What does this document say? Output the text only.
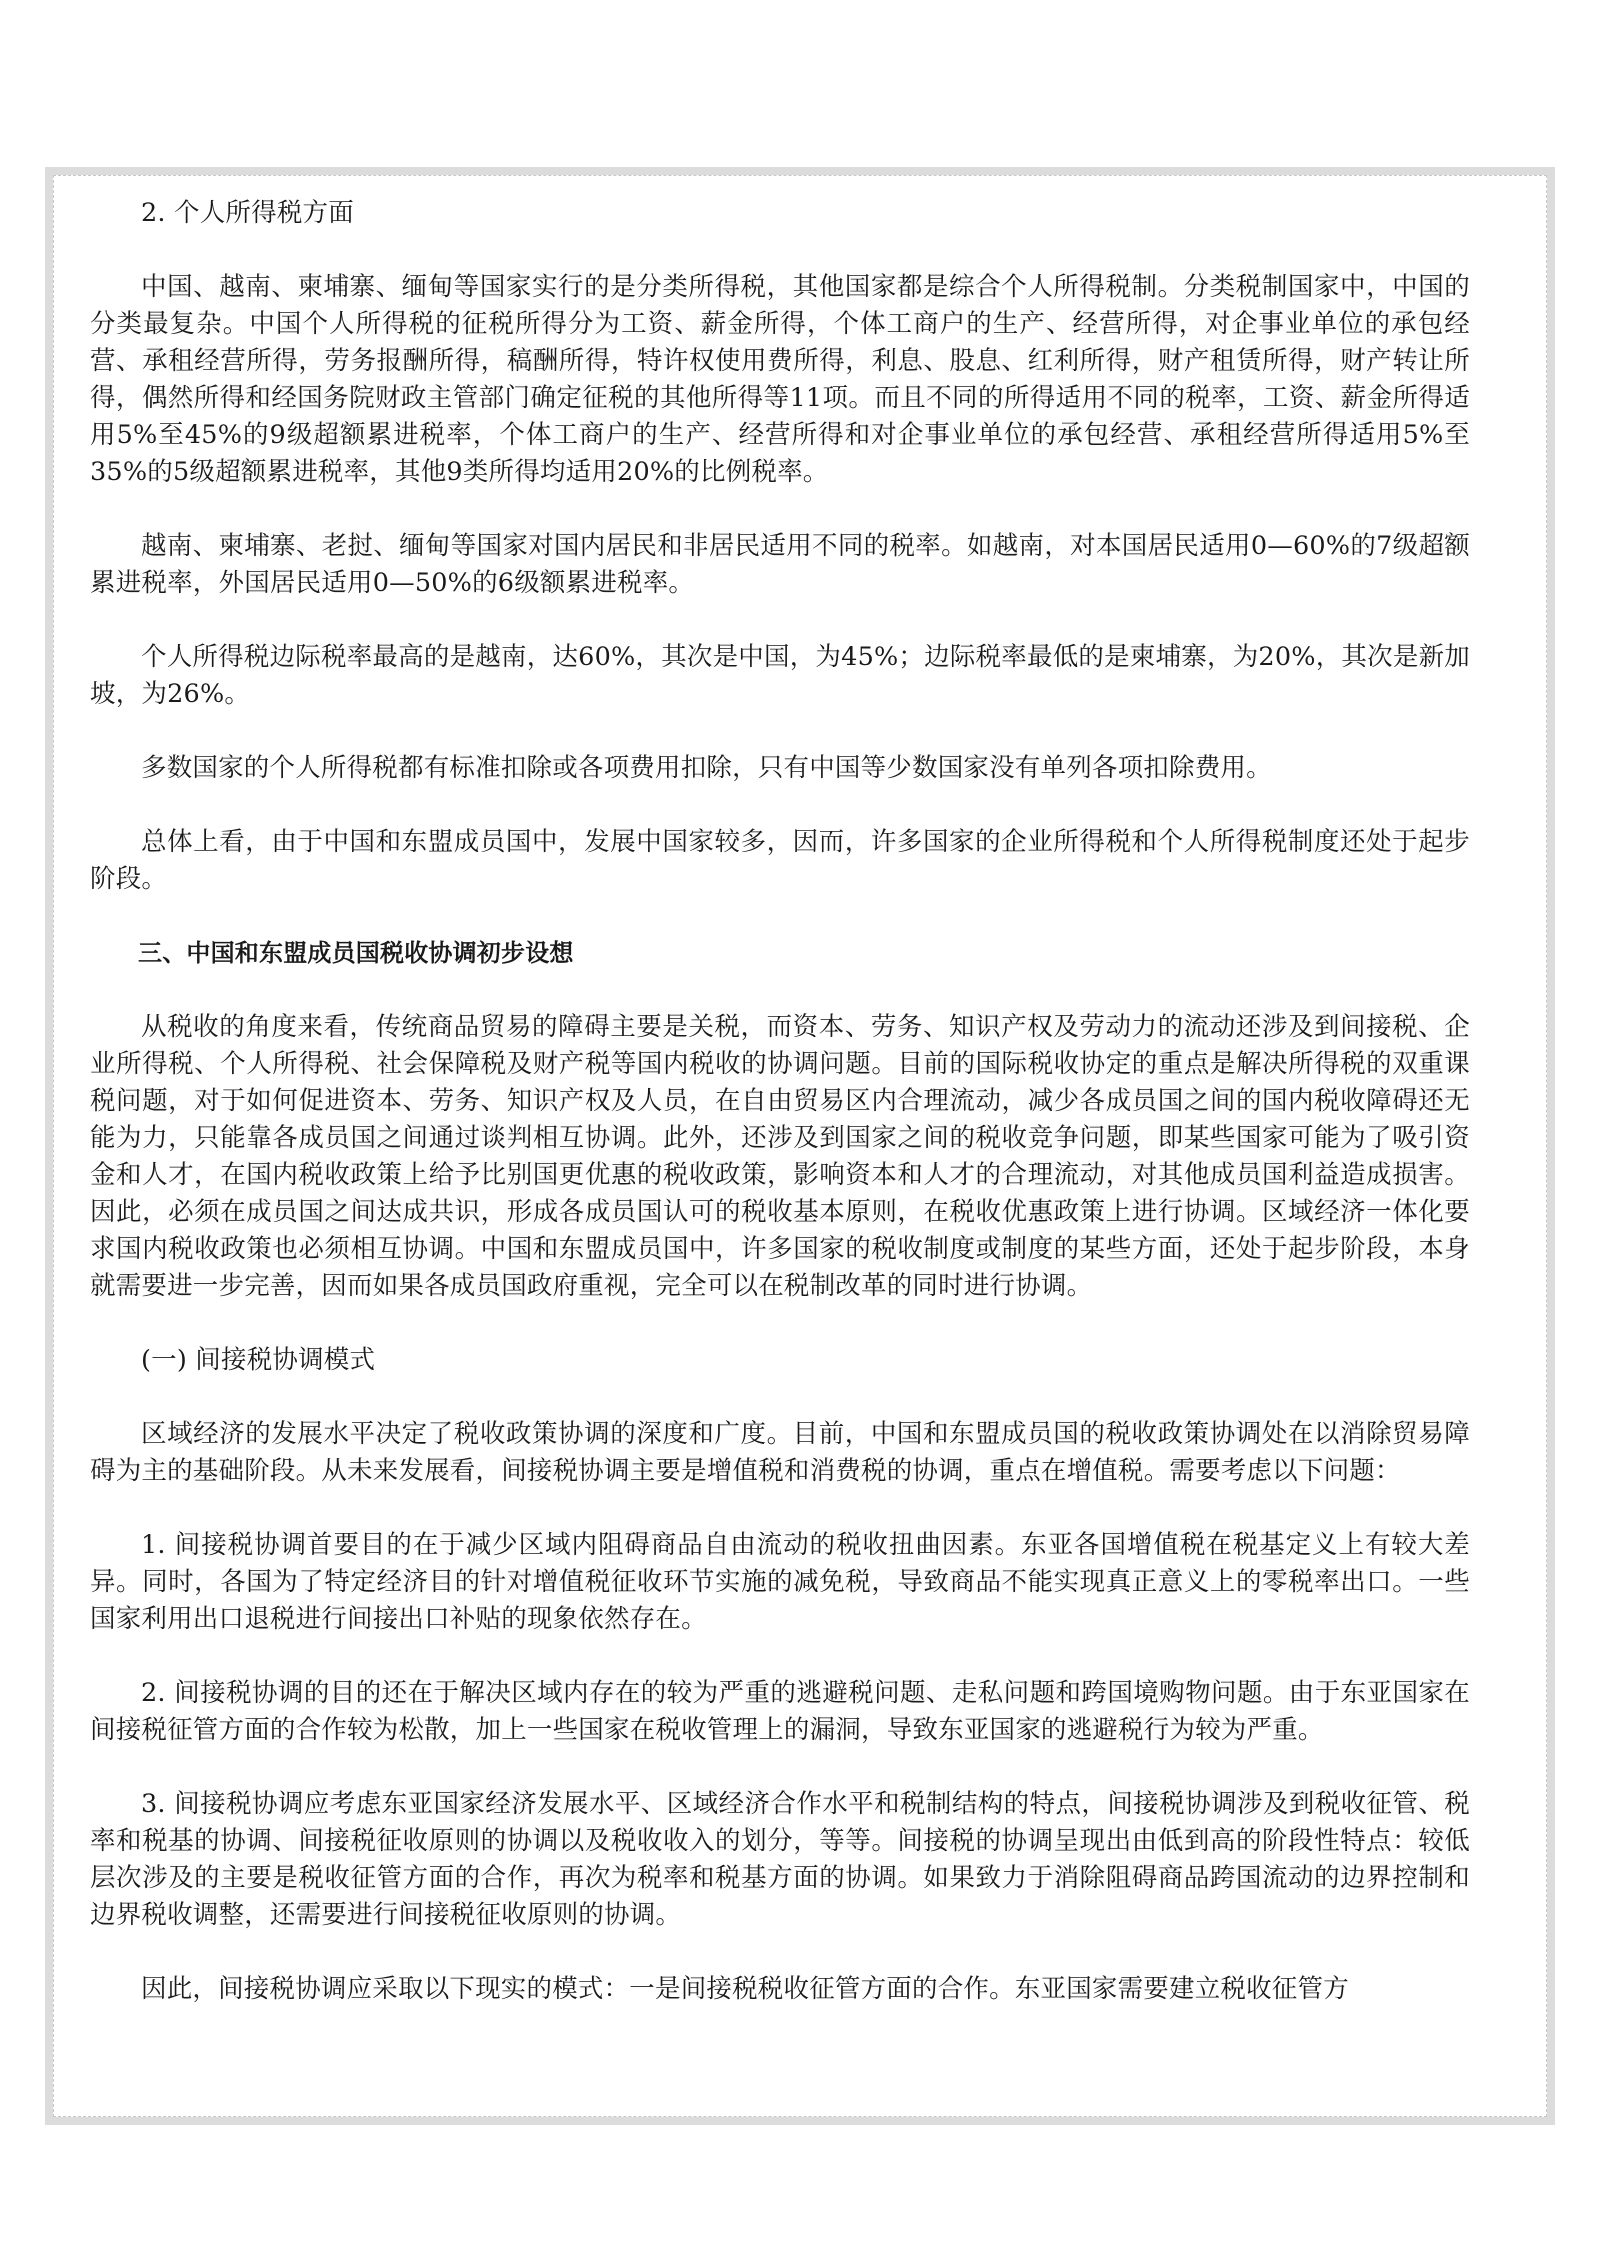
2. 个人所得税方面

中国、越南、柬埔寨、缅甸等国家实行的是分类所得税，其他国家都是综合个人所得税制。分类税制国家中，中国的分类最复杂。中国个人所得税的征税所得分为工资、薪金所得，个体工商户的生产、经营所得，对企事业单位的承包经营、承租经营所得，劳务报酬所得，稿酬所得，特许权使用费所得，利息、股息、红利所得，财产租赁所得，财产转让所得，偶然所得和经国务院财政主管部门确定征税的其他所得等11项。而且不同的所得适用不同的税率，工资、薪金所得适用5%至45%的9级超额累进税率，个体工商户的生产、经营所得和对企事业单位的承包经营、承租经营所得适用5%至35%的5级超额累进税率，其他9类所得均适用20%的比例税率。

越南、柬埔寨、老挝、缅甸等国家对国内居民和非居民适用不同的税率。如越南，对本国居民适用0—60%的7级超额累进税率，外国居民适用0—50%的6级额累进税率。

个人所得税边际税率最高的是越南，达60%，其次是中国，为45%；边际税率最低的是柬埔寨，为20%，其次是新加坡，为26%。

多数国家的个人所得税都有标准扣除或各项费用扣除，只有中国等少数国家没有单列各项扣除费用。

总体上看，由于中国和东盟成员国中，发展中国家较多，因而，许多国家的企业所得税和个人所得税制度还处于起步阶段。

三、中国和东盟成员国税收协调初步设想

从税收的角度来看，传统商品贸易的障碍主要是关税，而资本、劳务、知识产权及劳动力的流动还涉及到间接税、企业所得税、个人所得税、社会保障税及财产税等国内税收的协调问题。目前的国际税收协定的重点是解决所得税的双重课税问题，对于如何促进资本、劳务、知识产权及人员，在自由贸易区内合理流动，减少各成员国之间的国内税收障碍还无能为力，只能靠各成员国之间通过谈判相互协调。此外，还涉及到国家之间的税收竞争问题，即某些国家可能为了吸引资金和人才，在国内税收政策上给予比别国更优惠的税收政策，影响资本和人才的合理流动，对其他成员国利益造成损害。因此，必须在成员国之间达成共识，形成各成员国认可的税收基本原则，在税收优惠政策上进行协调。区域经济一体化要求国内税收政策也必须相互协调。中国和东盟成员国中，许多国家的税收制度或制度的某些方面，还处于起步阶段，本身就需要进一步完善，因而如果各成员国政府重视，完全可以在税制改革的同时进行协调。

(一) 间接税协调模式

区域经济的发展水平决定了税收政策协调的深度和广度。目前，中国和东盟成员国的税收政策协调处在以消除贸易障碍为主的基础阶段。从未来发展看，间接税协调主要是增值税和消费税的协调，重点在增值税。需要考虑以下问题：

1. 间接税协调首要目的在于减少区域内阻碍商品自由流动的税收扭曲因素。东亚各国增值税在税基定义上有较大差异。同时，各国为了特定经济目的针对增值税征收环节实施的减免税，导致商品不能实现真正意义上的零税率出口。一些国家利用出口退税进行间接出口补贴的现象依然存在。

2. 间接税协调的目的还在于解决区域内存在的较为严重的逃避税问题、走私问题和跨国境购物问题。由于东亚国家在间接税征管方面的合作较为松散，加上一些国家在税收管理上的漏洞，导致东亚国家的逃避税行为较为严重。

3. 间接税协调应考虑东亚国家经济发展水平、区域经济合作水平和税制结构的特点，间接税协调涉及到税收征管、税率和税基的协调、间接税征收原则的协调以及税收收入的划分，等等。间接税的协调呈现出由低到高的阶段性特点：较低层次涉及的主要是税收征管方面的合作，再次为税率和税基方面的协调。如果致力于消除阻碍商品跨国流动的边界控制和边界税收调整，还需要进行间接税征收原则的协调。

因此，间接税协调应采取以下现实的模式：一是间接税税收征管方面的合作。东亚国家需要建立税收征管方
